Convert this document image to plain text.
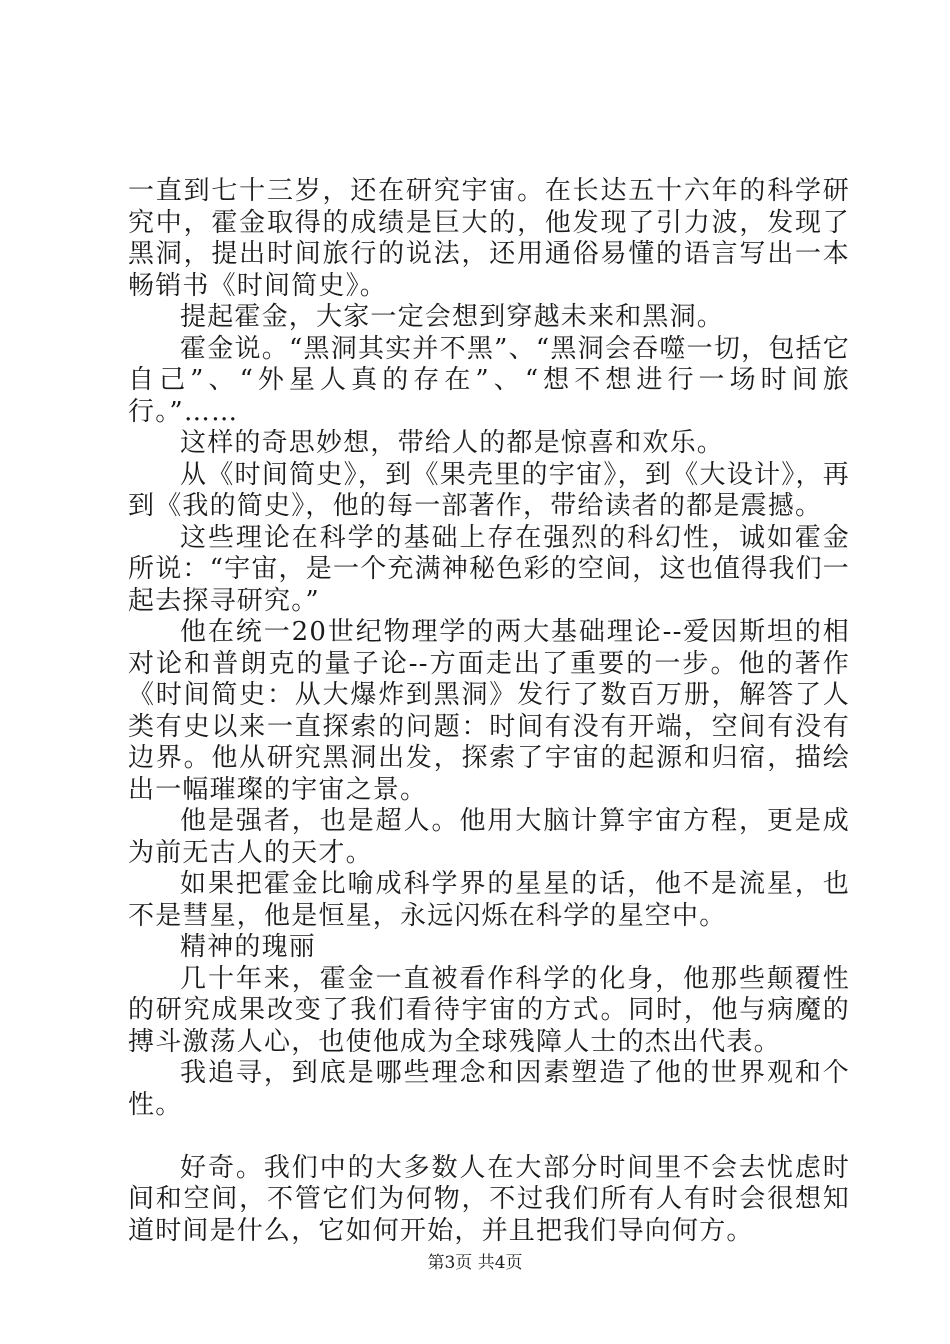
一直到七十三岁，还在研究宇宙。在长达五十六年的科学研究中，霍金取得的成绩是巨大的，他发现了引力波，发现了黑洞，提出时间旅行的说法，还用通俗易懂的语言写出一本畅销书《时间简史》。

提起霍金，大家一定会想到穿越未来和黑洞。

霍金说。“黑洞其实并不黑”、“黑洞会吞噬一切，包括它自己”、“外星人真的存在”、“想不想进行一场时间旅行。”……

这样的奇思妙想，带给人的都是惊喜和欢乐。

从《时间简史》，到《果壳里的宇宙》，到《大设计》，再到《我的简史》，他的每一部著作，带给读者的都是震撼。

这些理论在科学的基础上存在强烈的科幻性，诚如霍金所说：“宇宙，是一个充满神秘色彩的空间，这也值得我们一起去探寻研究。”

他在统一20世纪物理学的两大基础理论--爱因斯坦的相对论和普朗克的量子论--方面走出了重要的一步。他的著作《时间简史：从大爆炸到黑洞》发行了数百万册，解答了人类有史以来一直探索的问题：时间有没有开端，空间有没有边界。他从研究黑洞出发，探索了宇宙的起源和归宿，描绘出一幅璀璨的宇宙之景。

他是强者，也是超人。他用大脑计算宇宙方程，更是成为前无古人的天才。

如果把霍金比喻成科学界的星星的话，他不是流星，也不是彗星，他是恒星，永远闪烁在科学的星空中。

精神的瑰丽

几十年来，霍金一直被看作科学的化身，他那些颠覆性的研究成果改变了我们看待宇宙的方式。同时，他与病魔的搏斗激荡人心，也使他成为全球残障人士的杰出代表。

我追寻，到底是哪些理念和因素塑造了他的世界观和个性。

好奇。我们中的大多数人在大部分时间里不会去忧虑时间和空间，不管它们为何物，不过我们所有人有时会很想知道时间是什么，它如何开始，并且把我们导向何方。

第3页 共4页
